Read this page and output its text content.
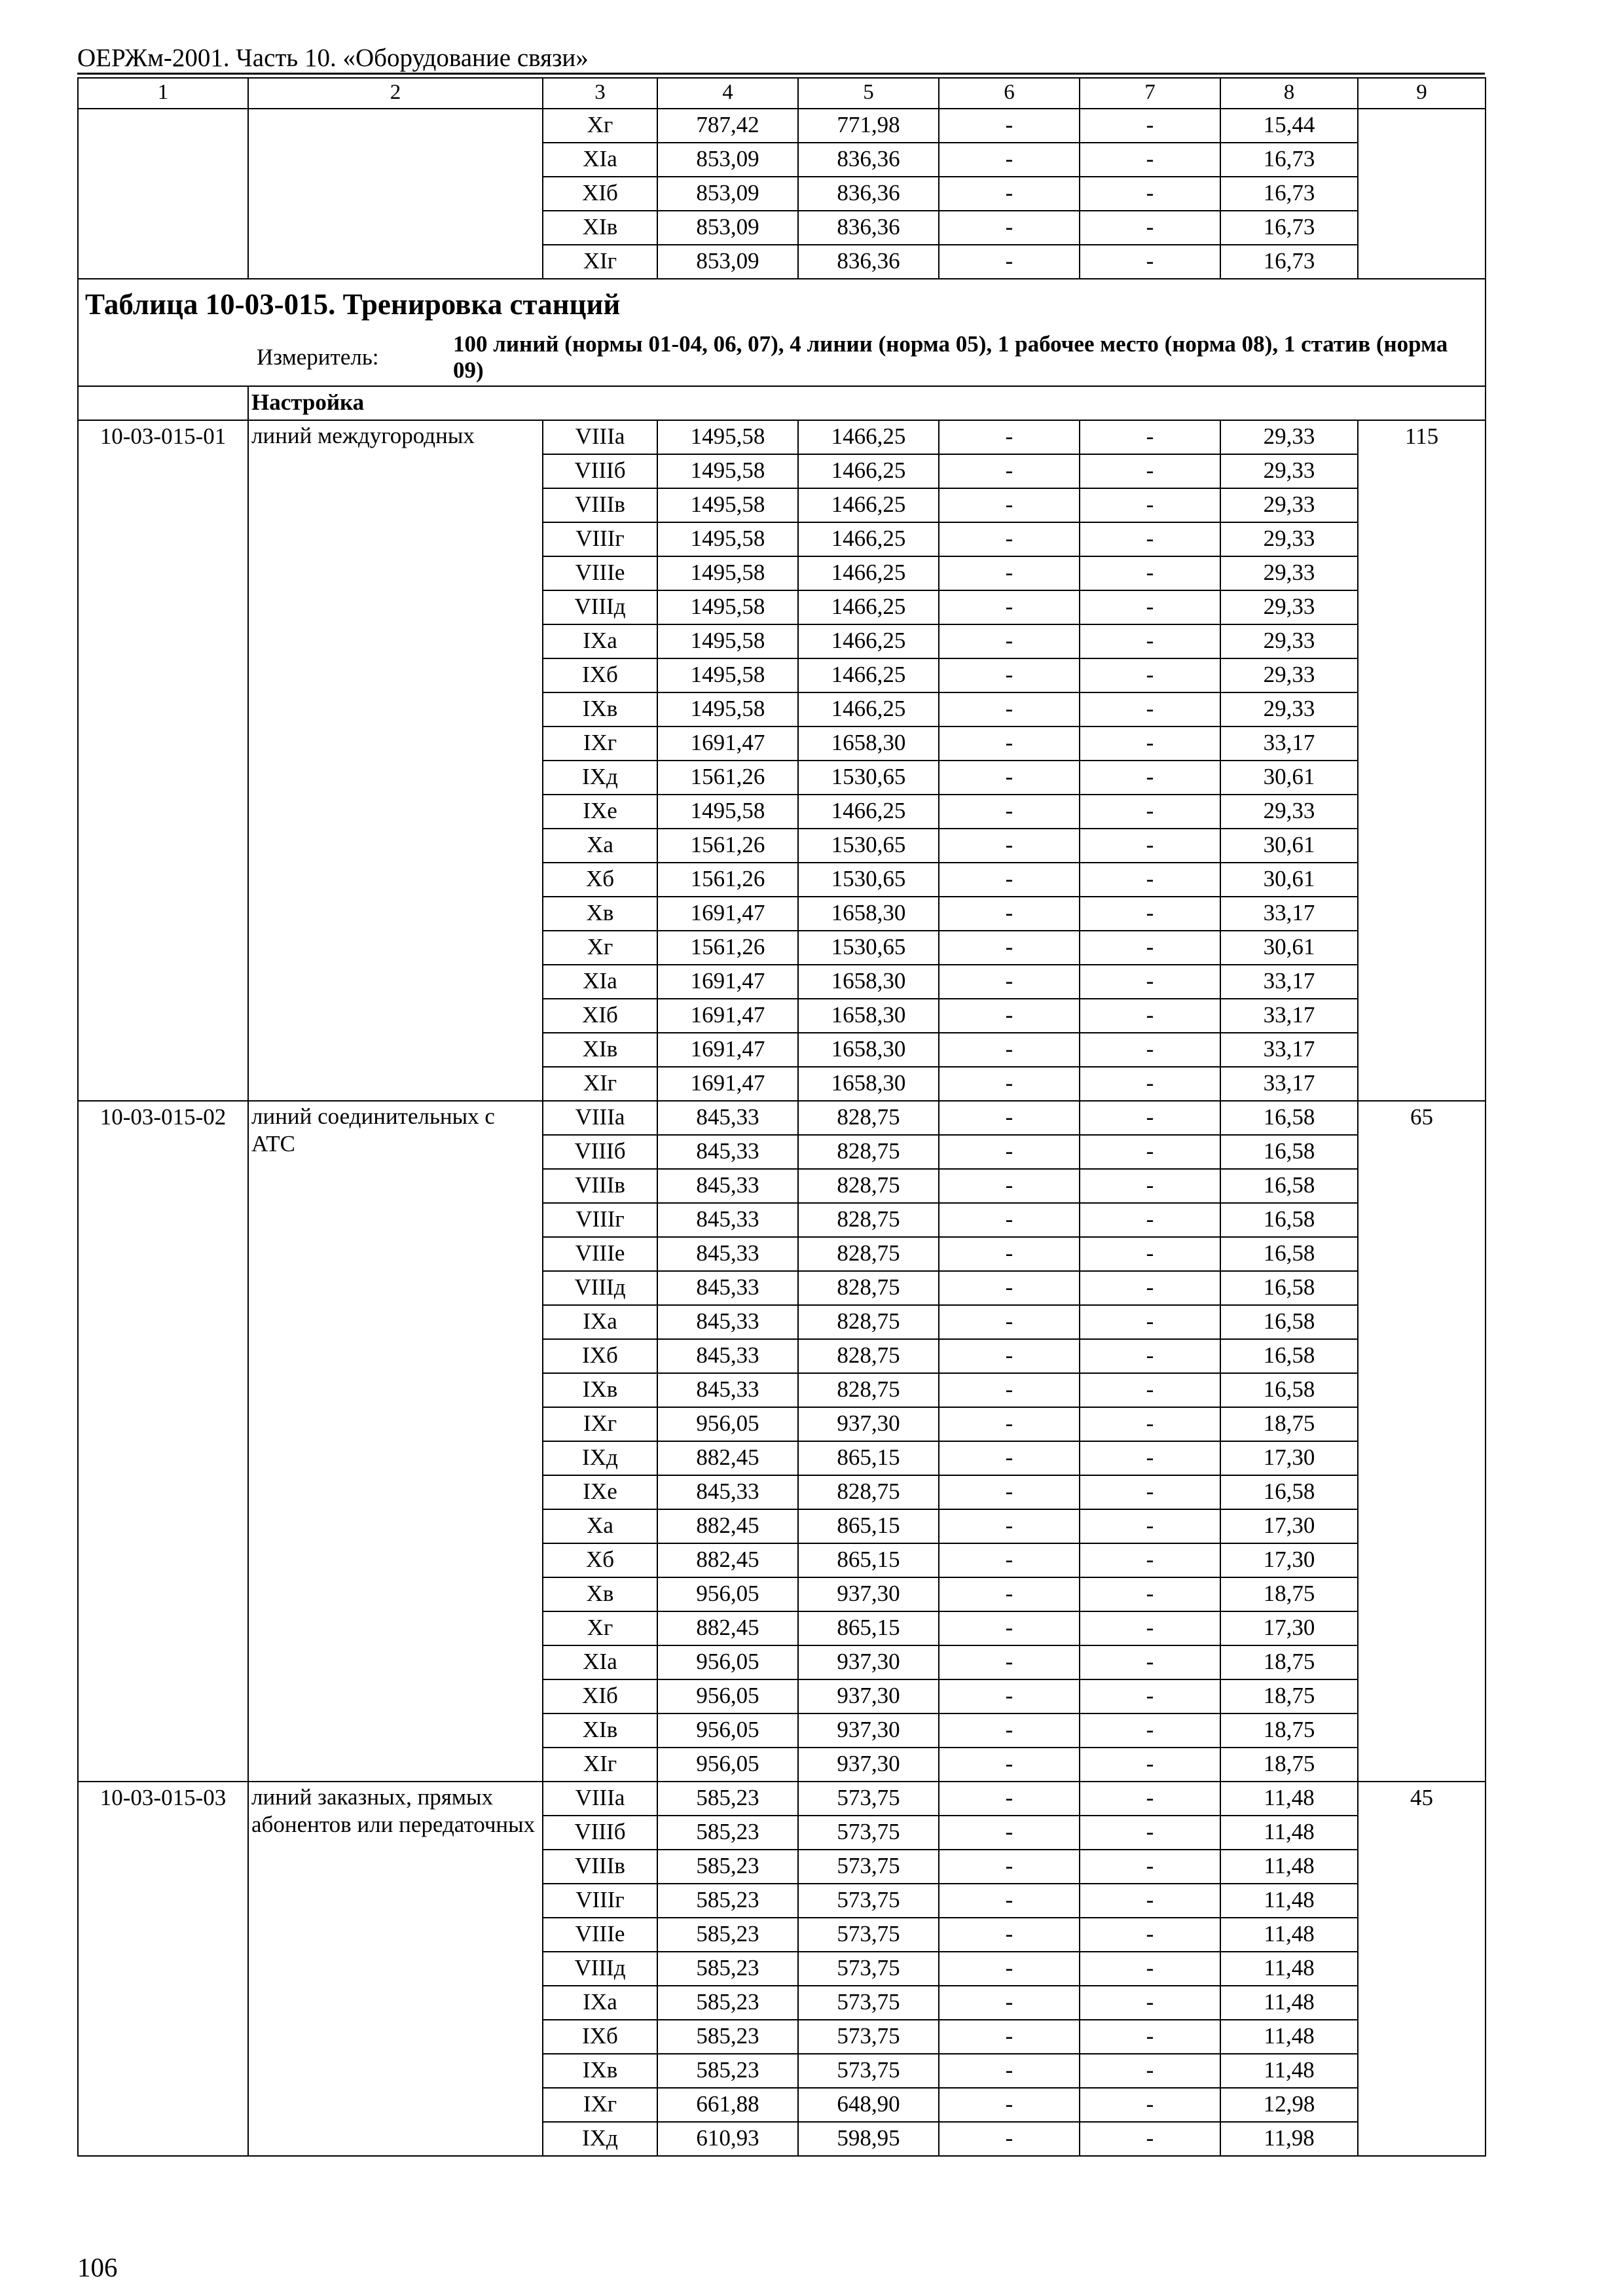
ОЕРЖм-2001. Часть 10. «Оборудование связи»
1	2	3	4	5	6	7	8	9
		Xг	787,42	771,98	-	-	15,44	
		XIа	853,09	836,36	-	-	16,73	
		XIб	853,09	836,36	-	-	16,73	
		XIв	853,09	836,36	-	-	16,73	
		XIг	853,09	836,36	-	-	16,73	
Таблица 10-03-015. Тренировка станций								

Измеритель:
100 линий (нормы 01-04, 06, 07), 4 линии (норма 05), 1 рабочее место (норма 08), 1 статив (норма 09)								

	Настройка							
10-03-015-01	линий междугородных	VIIIа	1495,58	1466,25	-	-	29,33	115
		VIIIб	1495,58	1466,25	-	-	29,33	
		VIIIв	1495,58	1466,25	-	-	29,33	
		VIIIг	1495,58	1466,25	-	-	29,33	
		VIIIе	1495,58	1466,25	-	-	29,33	
		VIIIд	1495,58	1466,25	-	-	29,33	
		IXа	1495,58	1466,25	-	-	29,33	
		IXб	1495,58	1466,25	-	-	29,33	
		IXв	1495,58	1466,25	-	-	29,33	
		IXг	1691,47	1658,30	-	-	33,17	
		IXд	1561,26	1530,65	-	-	30,61	
		IXе	1495,58	1466,25	-	-	29,33	
		Xа	1561,26	1530,65	-	-	30,61	
		Xб	1561,26	1530,65	-	-	30,61	
		Xв	1691,47	1658,30	-	-	33,17	
		Xг	1561,26	1530,65	-	-	30,61	
		XIа	1691,47	1658,30	-	-	33,17	
		XIб	1691,47	1658,30	-	-	33,17	
		XIв	1691,47	1658,30	-	-	33,17	
		XIг	1691,47	1658,30	-	-	33,17	
10-03-015-02	линий соединительных с АТС	VIIIа	845,33	828,75	-	-	16,58	65
		VIIIб	845,33	828,75	-	-	16,58	
		VIIIв	845,33	828,75	-	-	16,58	
		VIIIг	845,33	828,75	-	-	16,58	
		VIIIе	845,33	828,75	-	-	16,58	
		VIIIд	845,33	828,75	-	-	16,58	
		IXа	845,33	828,75	-	-	16,58	
		IXб	845,33	828,75	-	-	16,58	
		IXв	845,33	828,75	-	-	16,58	
		IXг	956,05	937,30	-	-	18,75	
		IXд	882,45	865,15	-	-	17,30	
		IXе	845,33	828,75	-	-	16,58	
		Xа	882,45	865,15	-	-	17,30	
		Xб	882,45	865,15	-	-	17,30	
		Xв	956,05	937,30	-	-	18,75	
		Xг	882,45	865,15	-	-	17,30	
		XIа	956,05	937,30	-	-	18,75	
		XIб	956,05	937,30	-	-	18,75	
		XIв	956,05	937,30	-	-	18,75	
		XIг	956,05	937,30	-	-	18,75	
10-03-015-03	линий заказных, прямых абонентов или передаточных	VIIIа	585,23	573,75	-	-	11,48	45
		VIIIб	585,23	573,75	-	-	11,48	
		VIIIв	585,23	573,75	-	-	11,48	
		VIIIг	585,23	573,75	-	-	11,48	
		VIIIе	585,23	573,75	-	-	11,48	
		VIIIд	585,23	573,75	-	-	11,48	
		IXа	585,23	573,75	-	-	11,48	
		IXб	585,23	573,75	-	-	11,48	
		IXв	585,23	573,75	-	-	11,48	
		IXг	661,88	648,90	-	-	12,98	
		IXд	610,93	598,95	-	-	11,98	
106
